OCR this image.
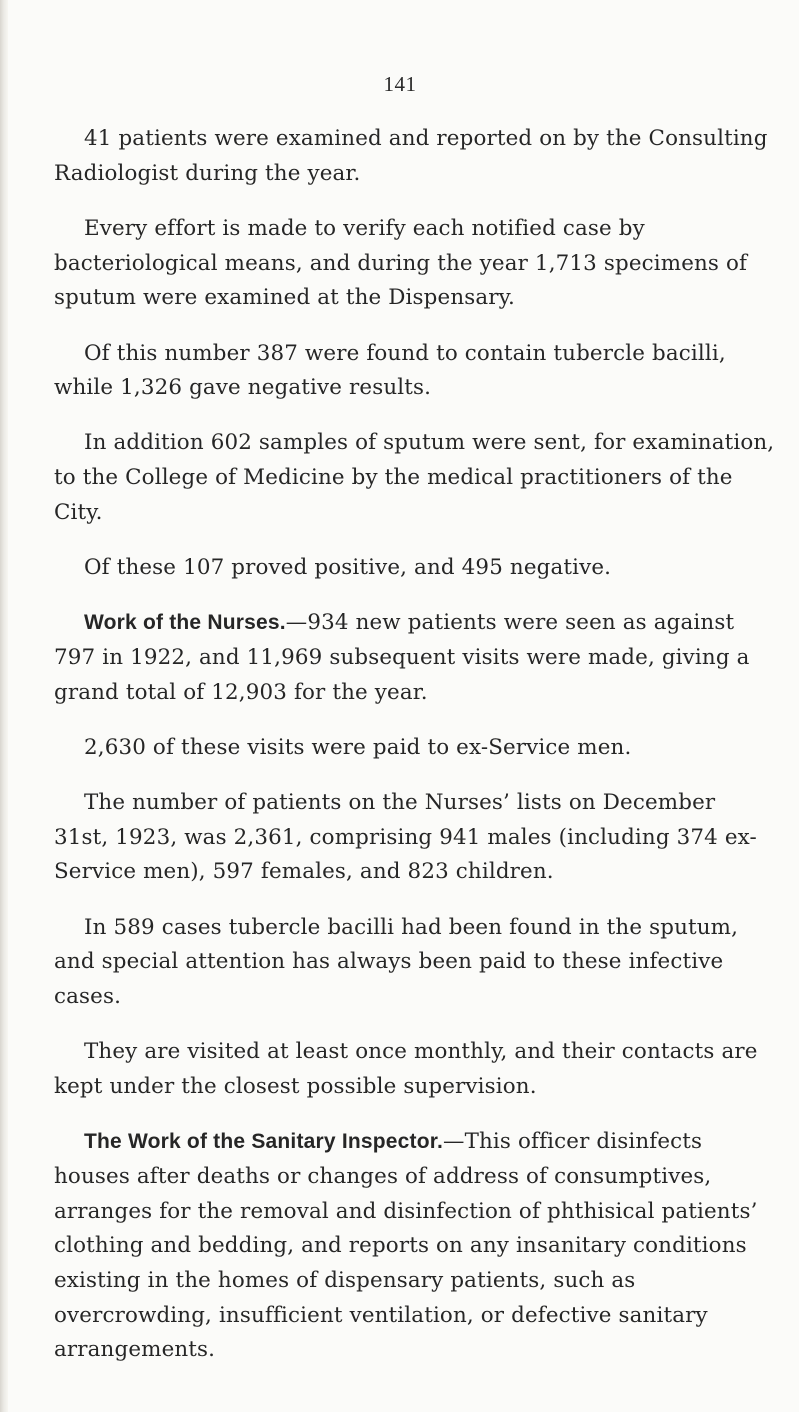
141

41 patients were examined and reported on by the Consulting Radiologist during the year.

Every effort is made to verify each notified case by bacteriological means, and during the year 1,713 specimens of sputum were examined at the Dispensary.

Of this number 387 were found to contain tubercle bacilli, while 1,326 gave negative results.

In addition 602 samples of sputum were sent, for examination, to the College of Medicine by the medical practitioners of the City.

Of these 107 proved positive, and 495 negative.

Work of the Nurses.—934 new patients were seen as against 797 in 1922, and 11,969 subsequent visits were made, giving a grand total of 12,903 for the year.

2,630 of these visits were paid to ex-Service men.

The number of patients on the Nurses’ lists on December 31st, 1923, was 2,361, comprising 941 males (including 374 ex-Service men), 597 females, and 823 children.

In 589 cases tubercle bacilli had been found in the sputum, and special attention has always been paid to these infective cases.

They are visited at least once monthly, and their contacts are kept under the closest possible supervision.

The Work of the Sanitary Inspector.—This officer disinfects houses after deaths or changes of address of consumptives, arranges for the removal and disinfection of phthisical patients’ clothing and bedding, and reports on any insanitary conditions existing in the homes of dispensary patients, such as overcrowding, insufficient ventilation, or defective sanitary arrangements.
